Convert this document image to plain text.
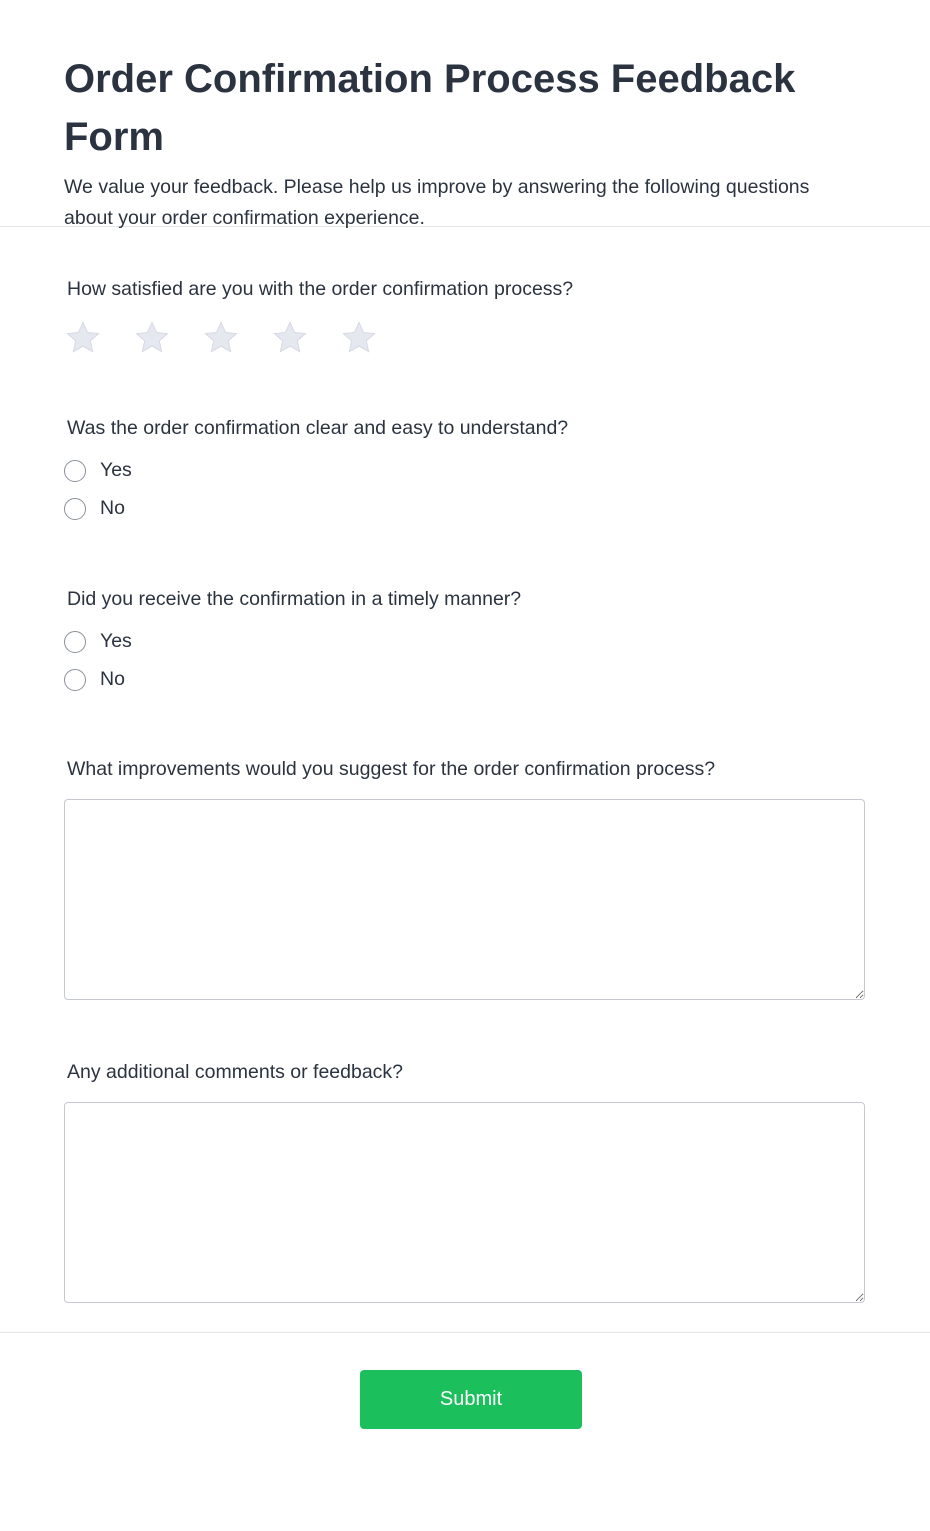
Order Confirmation Process Feedback Form

We value your feedback. Please help us improve by answering the following questions about your order confirmation experience.

How satisfied are you with the order confirmation process?

Was the order confirmation clear and easy to understand?

Yes
No

Did you receive the confirmation in a timely manner?

Yes
No

What improvements would you suggest for the order confirmation process?

Any additional comments or feedback?

Submit
